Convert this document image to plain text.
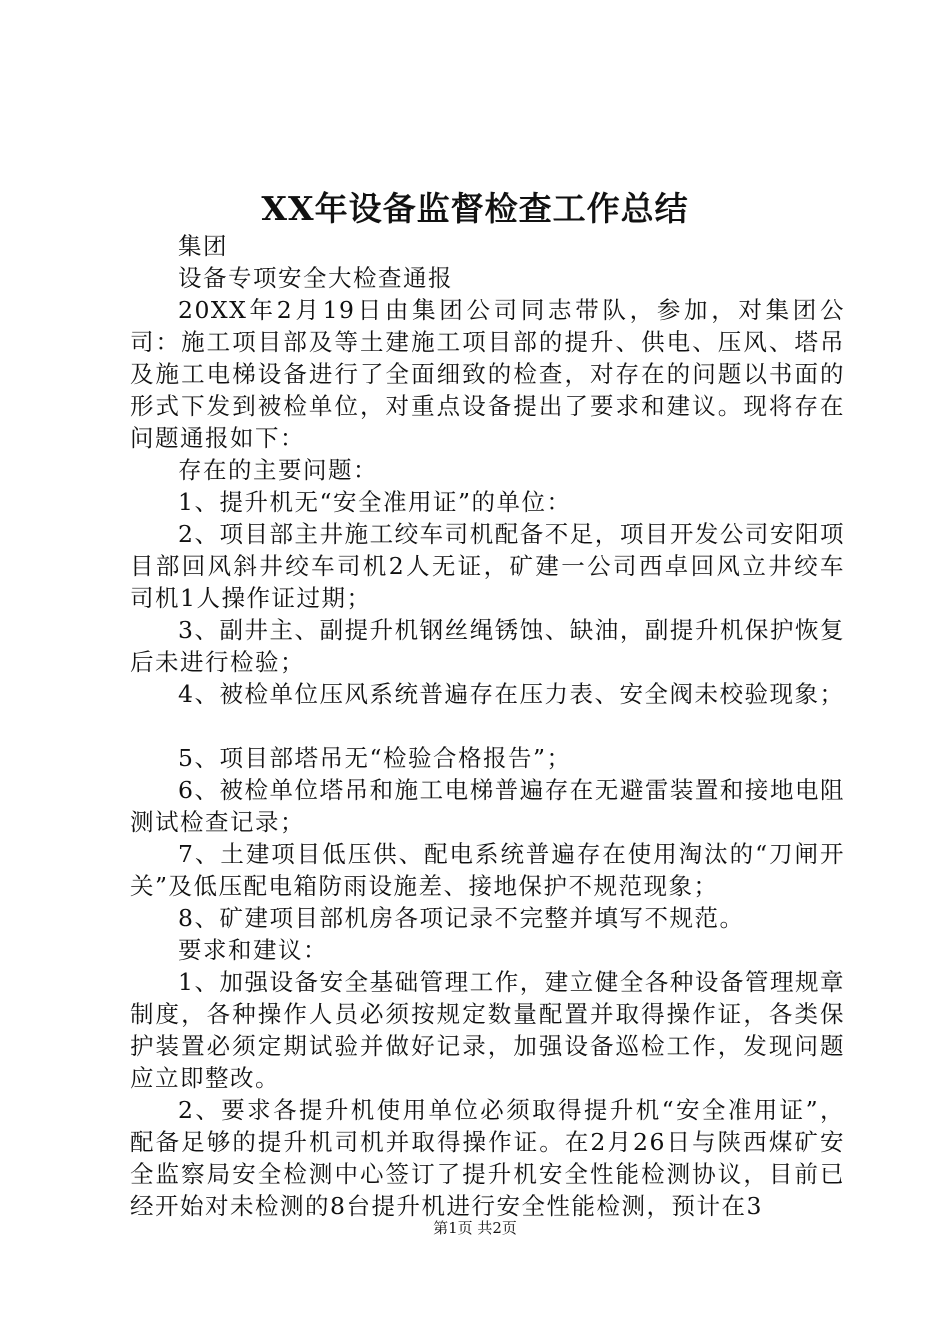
XX年设备监督检查工作总结

集团

设备专项安全大检查通报

20XX年2月19日由集团公司同志带队，参加，对集团公司：施工项目部及等土建施工项目部的提升、供电、压风、塔吊及施工电梯设备进行了全面细致的检查，对存在的问题以书面的形式下发到被检单位，对重点设备提出了要求和建议。现将存在问题通报如下：

存在的主要问题：

1、提升机无“安全准用证”的单位：

2、项目部主井施工绞车司机配备不足，项目开发公司安阳项目部回风斜井绞车司机2人无证，矿建一公司西卓回风立井绞车司机1人操作证过期；

3、副井主、副提升机钢丝绳锈蚀、缺油，副提升机保护恢复后未进行检验；

4、被检单位压风系统普遍存在压力表、安全阀未校验现象；

5、项目部塔吊无“检验合格报告”；

6、被检单位塔吊和施工电梯普遍存在无避雷装置和接地电阻测试检查记录；

7、土建项目低压供、配电系统普遍存在使用淘汰的“刀闸开关”及低压配电箱防雨设施差、接地保护不规范现象；

8、矿建项目部机房各项记录不完整并填写不规范。

要求和建议：

1、加强设备安全基础管理工作，建立健全各种设备管理规章制度，各种操作人员必须按规定数量配置并取得操作证，各类保护装置必须定期试验并做好记录，加强设备巡检工作，发现问题应立即整改。

2、要求各提升机使用单位必须取得提升机“安全准用证”，配备足够的提升机司机并取得操作证。在2月26日与陕西煤矿安全监察局安全检测中心签订了提升机安全性能检测协议，目前已经开始对未检测的8台提升机进行安全性能检测，预计在3

第1页 共2页
